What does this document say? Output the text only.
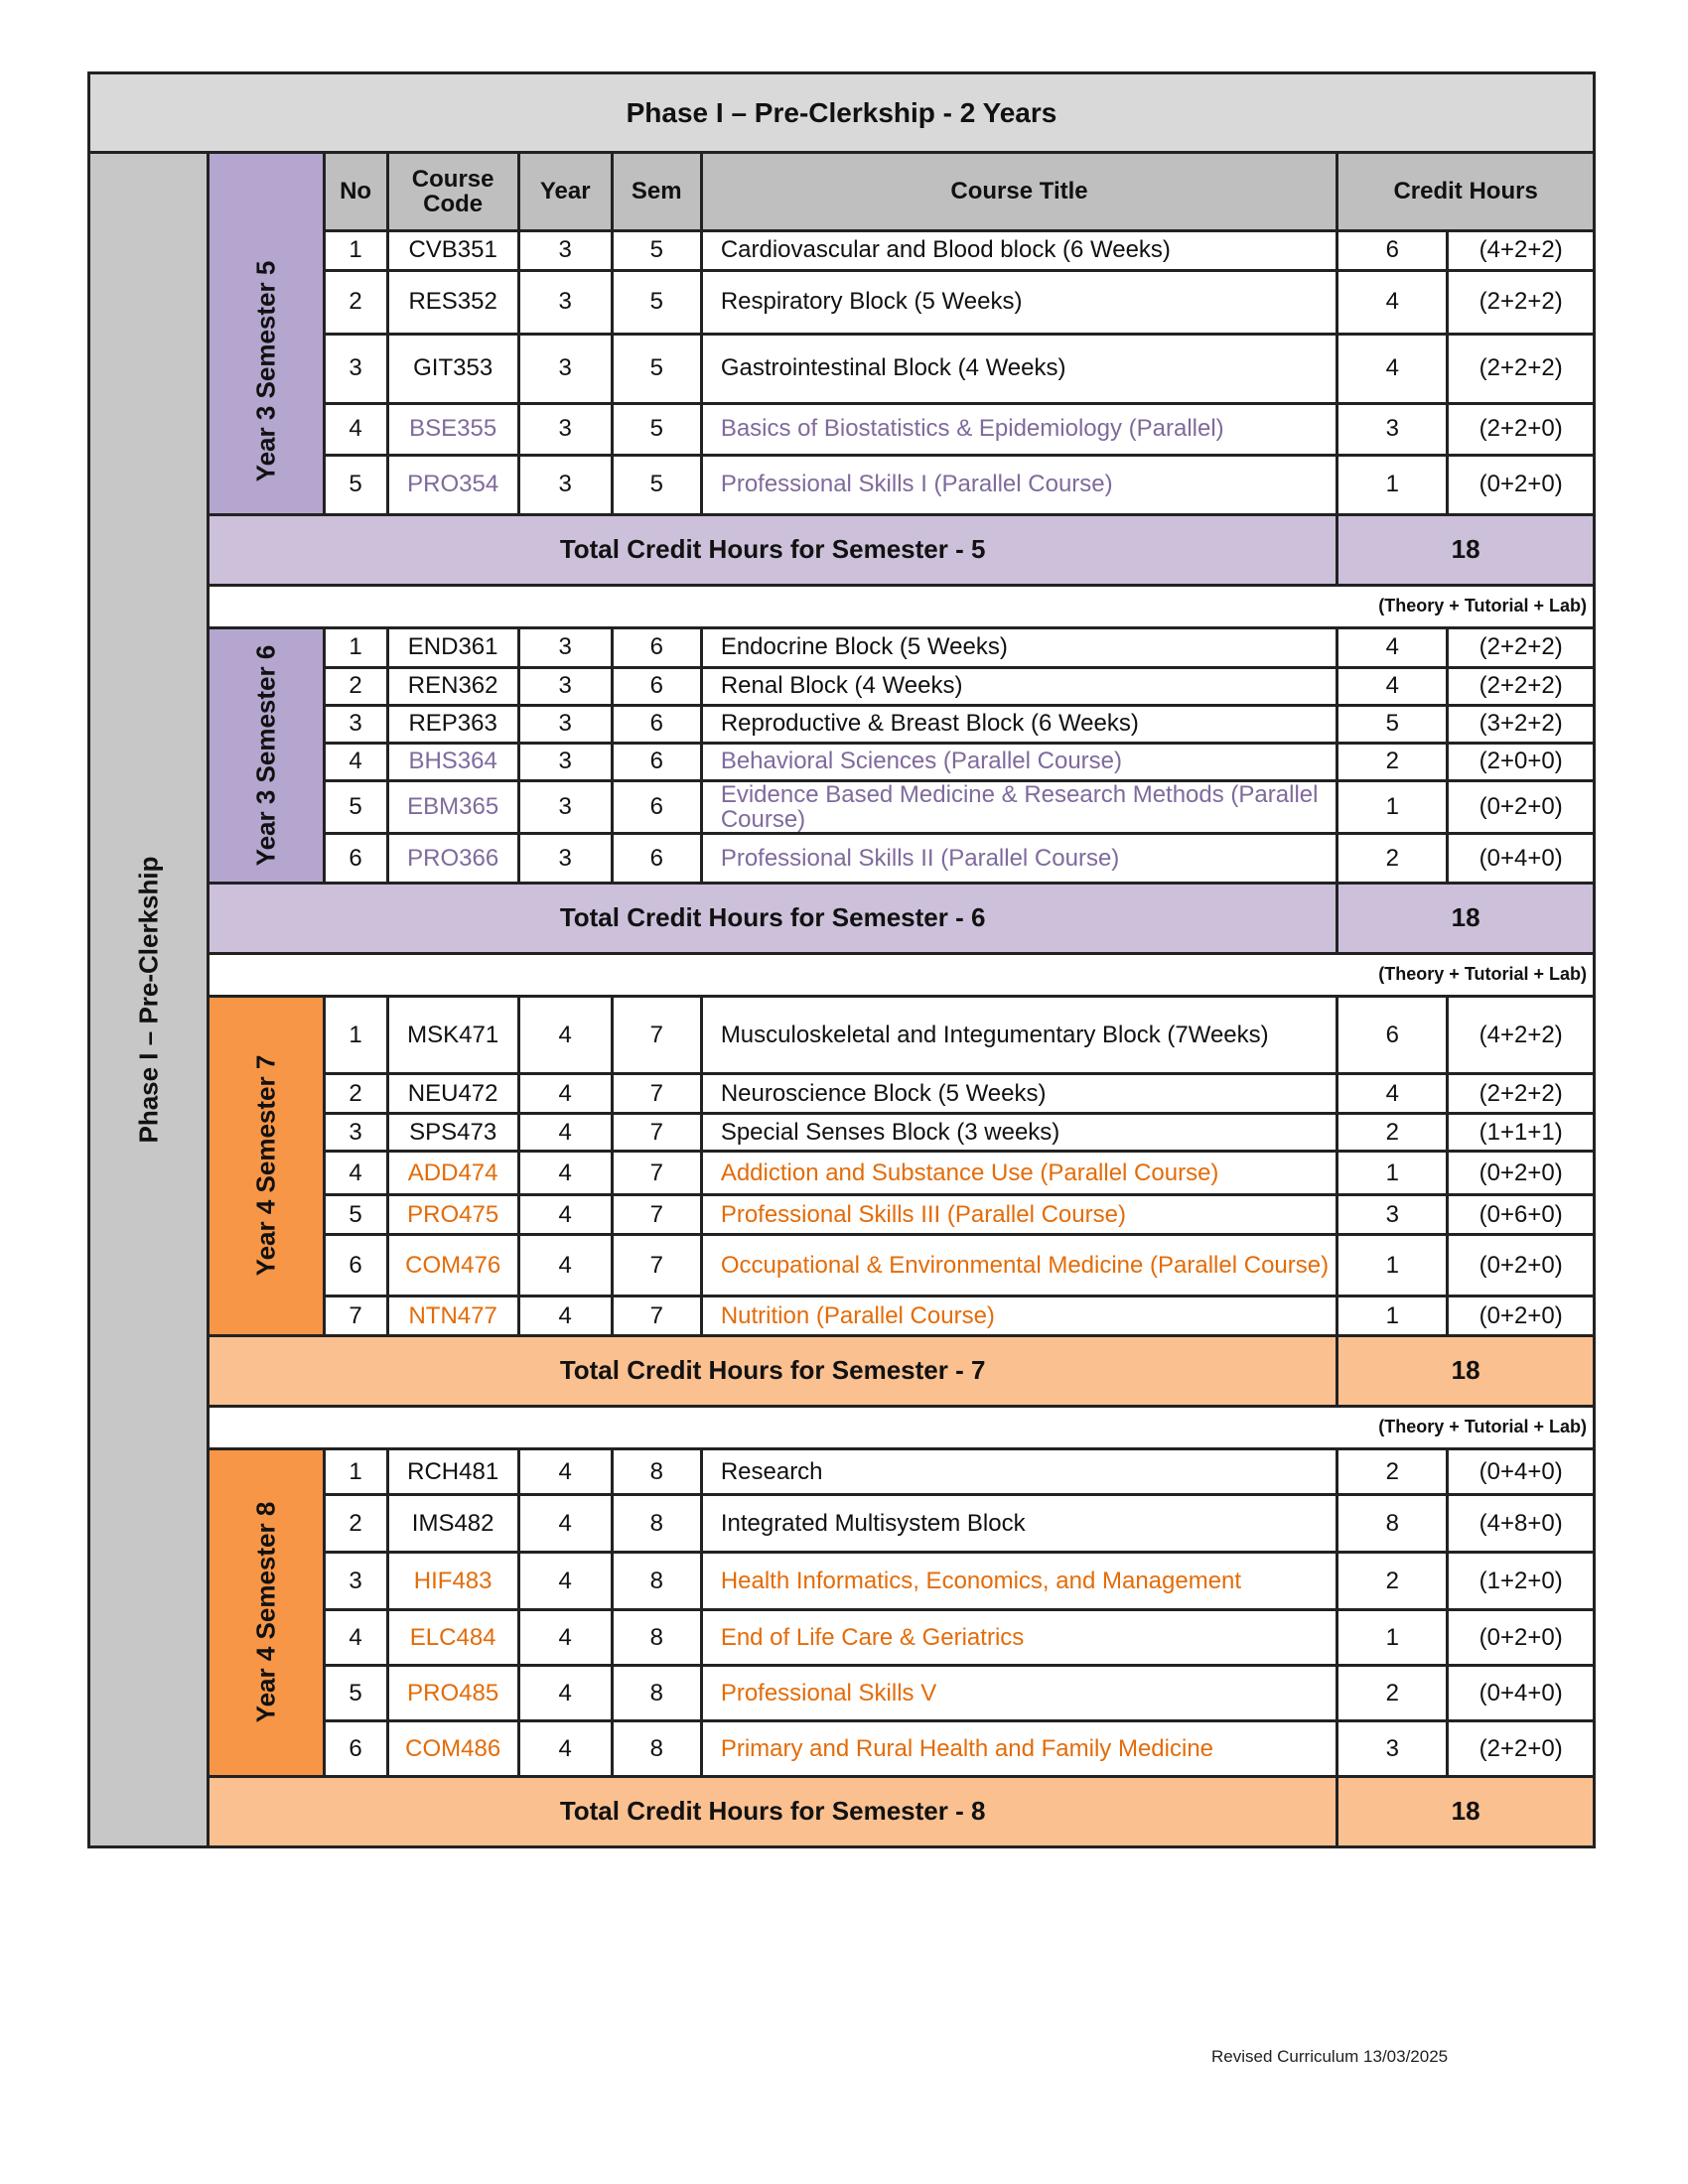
Phase I – Pre-Clerkship - 2 Years
Phase I – Pre-Clerkship
	No	Course Code	Year	Sem	Course Title	Credit Hours	

Year 3 Semester 5	1	CVB351	3	5	Cardiovascular and Blood block (6 Weeks)	6	(4+2+2)
	2	RES352	3	5	Respiratory Block (5 Weeks)	4	(2+2+2)
	3	GIT353	3	5	Gastrointestinal Block (4 Weeks)	4	(2+2+2)
	4	BSE355	3	5	Basics of Biostatistics & Epidemiology (Parallel)	3	(2+2+0)
	5	PRO354	3	5	Professional Skills I (Parallel Course)	1	(0+2+0)
Total Credit Hours for Semester - 5						18	
(Theory + Tutorial + Lab)							

Year 3 Semester 6	1	END361	3	6	Endocrine Block (5 Weeks)	4	(2+2+2)
	2	REN362	3	6	Renal Block (4 Weeks)	4	(2+2+2)
	3	REP363	3	6	Reproductive & Breast Block (6 Weeks)	5	(3+2+2)
	4	BHS364	3	6	Behavioral Sciences (Parallel Course)	2	(2+0+0)
	5	EBM365	3	6	Evidence Based Medicine & Research Methods (Parallel Course)	1	(0+2+0)
	6	PRO366	3	6	Professional Skills II (Parallel Course)	2	(0+4+0)
Total Credit Hours for Semester - 6						18	
(Theory + Tutorial + Lab)							

Year 4 Semester 7	1	MSK471	4	7	Musculoskeletal and Integumentary Block (7Weeks)	6	(4+2+2)
	2	NEU472	4	7	Neuroscience Block (5 Weeks)	4	(2+2+2)
	3	SPS473	4	7	Special Senses Block (3 weeks)	2	(1+1+1)
	4	ADD474	4	7	Addiction and Substance Use (Parallel Course)	1	(0+2+0)
	5	PRO475	4	7	Professional Skills III (Parallel Course)	3	(0+6+0)
	6	COM476	4	7	Occupational & Environmental Medicine (Parallel Course)	1	(0+2+0)
	7	NTN477	4	7	Nutrition (Parallel Course)	1	(0+2+0)
Total Credit Hours for Semester - 7						18	
(Theory + Tutorial + Lab)							

Year 4 Semester 8	1	RCH481	4	8	Research	2	(0+4+0)
	2	IMS482	4	8	Integrated Multisystem Block	8	(4+8+0)
	3	HIF483	4	8	Health Informatics, Economics, and Management	2	(1+2+0)
	4	ELC484	4	8	End of Life Care & Geriatrics	1	(0+2+0)
	5	PRO485	4	8	Professional Skills V	2	(0+4+0)
	6	COM486	4	8	Primary and Rural Health and Family Medicine	3	(2+2+0)
Total Credit Hours for Semester - 8						18	
Revised Curriculum 13/03/2025
